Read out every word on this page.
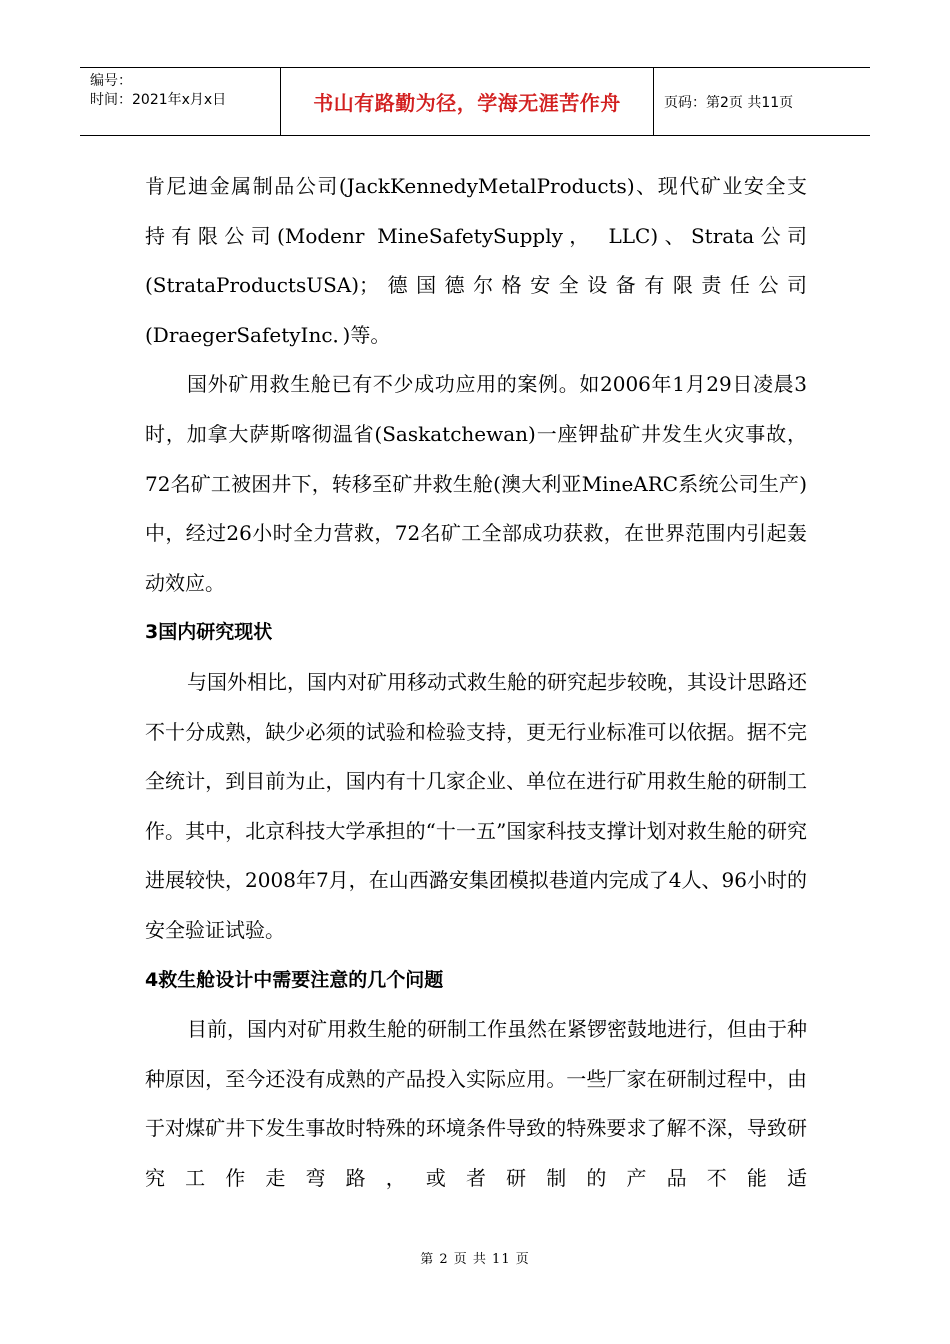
编号：
时间：2021年x月x日	书山有路勤为径，学海无涯苦作舟	页码：第2页 共11页

肯尼迪金属制品公司(JackKennedyMetalProducts)、现代矿业安全支

持有限公司(Modenr MineSafetySupply， LLC)、Strata公司

(StrataProductsUSA)；德国德尔格安全设备有限责任公司

(DraegerSafetyInc．)等。

国外矿用救生舱已有不少成功应用的案例。如2006年1月29日凌晨3时，加拿大萨斯喀彻温省(Saskatchewan)一座钾盐矿井发生火灾事故，72名矿工被困井下，转移至矿井救生舱(澳大利亚MineARC系统公司生产)中，经过26小时全力营救，72名矿工全部成功获救，在世界范围内引起轰动效应。

3国内研究现状

与国外相比，国内对矿用移动式救生舱的研究起步较晚，其设计思路还不十分成熟，缺少必须的试验和检验支持，更无行业标准可以依据。据不完全统计，到目前为止，国内有十几家企业、单位在进行矿用救生舱的研制工作。其中，北京科技大学承担的“十一五”国家科技支撑计划对救生舱的研究进展较快，2008年7月，在山西潞安集团模拟巷道内完成了4人、96小时的安全验证试验。

4救生舱设计中需要注意的几个问题

目前，国内对矿用救生舱的研制工作虽然在紧锣密鼓地进行，但由于种种原因，至今还没有成熟的产品投入实际应用。一些厂家在研制过程中，由于对煤矿井下发生事故时特殊的环境条件导致的特殊要求了解不深，导致研究工作走弯路，或者研制的产品不能适

第 2 页 共 11 页
